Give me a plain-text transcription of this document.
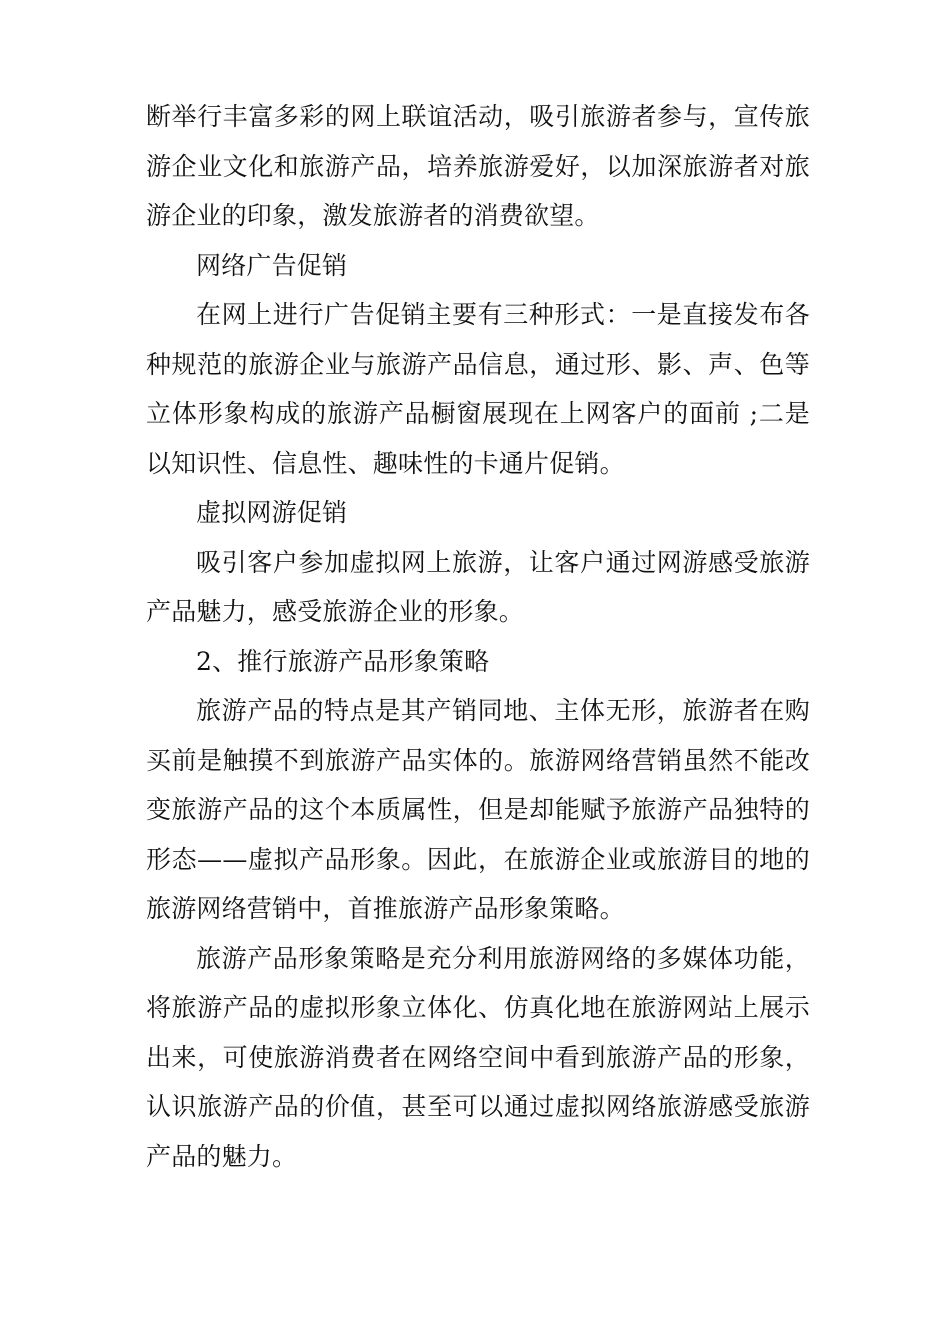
断举行丰富多彩的网上联谊活动，吸引旅游者参与，宣传旅游企业文化和旅游产品，培养旅游爱好，以加深旅游者对旅游企业的印象，激发旅游者的消费欲望。

网络广告促销

在网上进行广告促销主要有三种形式：一是直接发布各种规范的旅游企业与旅游产品信息，通过形、影、声、色等立体形象构成的旅游产品橱窗展现在上网客户的面前 ;二是以知识性、信息性、趣味性的卡通片促销。

虚拟网游促销

吸引客户参加虚拟网上旅游，让客户通过网游感受旅游产品魅力，感受旅游企业的形象。

2、推行旅游产品形象策略

旅游产品的特点是其产销同地、主体无形，旅游者在购买前是触摸不到旅游产品实体的。旅游网络营销虽然不能改变旅游产品的这个本质属性，但是却能赋予旅游产品独特的形态——虚拟产品形象。因此，在旅游企业或旅游目的地的旅游网络营销中，首推旅游产品形象策略。

旅游产品形象策略是充分利用旅游网络的多媒体功能，将旅游产品的虚拟形象立体化、仿真化地在旅游网站上展示出来，可使旅游消费者在网络空间中看到旅游产品的形象，认识旅游产品的价值，甚至可以通过虚拟网络旅游感受旅游产品的魅力。
